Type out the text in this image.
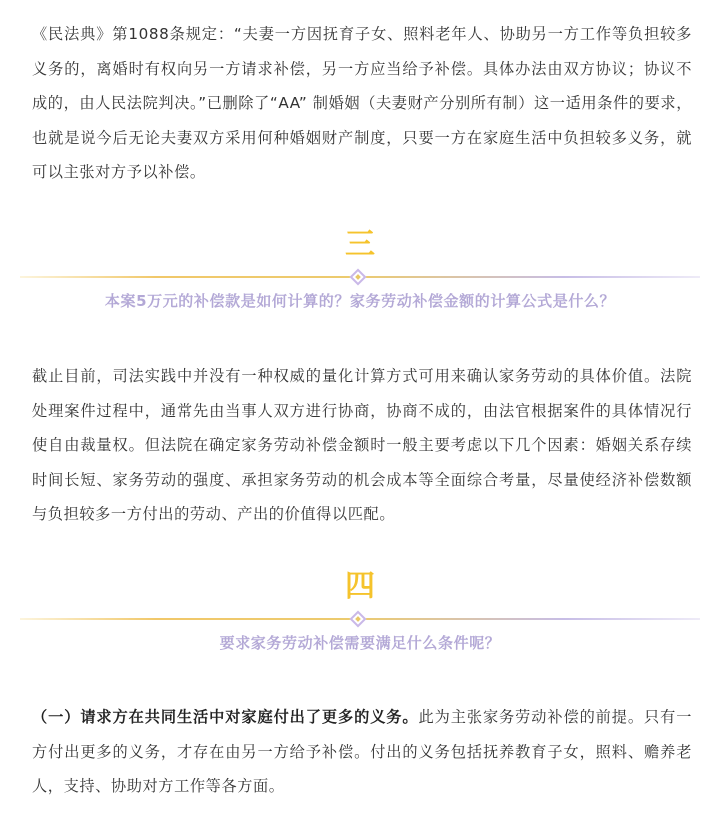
《民法典》第1088条规定：“夫妻一方因抚育子女、照料老年人、协助另一方工作等负担较多义务的，离婚时有权向另一方请求补偿，另一方应当给予补偿。具体办法由双方协议；协议不成的，由人民法院判决。”已删除了“AA” 制婚姻（夫妻财产分别所有制）这一适用条件的要求，也就是说今后无论夫妻双方采用何种婚姻财产制度，只要一方在家庭生活中负担较多义务，就可以主张对方予以补偿。

三
本案5万元的补偿款是如何计算的？家务劳动补偿金额的计算公式是什么？

截止目前，司法实践中并没有一种权威的量化计算方式可用来确认家务劳动的具体价值。法院处理案件过程中，通常先由当事人双方进行协商，协商不成的，由法官根据案件的具体情况行使自由裁量权。但法院在确定家务劳动补偿金额时一般主要考虑以下几个因素：婚姻关系存续时间长短、家务劳动的强度、承担家务劳动的机会成本等全面综合考量，尽量使经济补偿数额与负担较多一方付出的劳动、产出的价值得以匹配。

四
要求家务劳动补偿需要满足什么条件呢？

（一）请求方在共同生活中对家庭付出了更多的义务。此为主张家务劳动补偿的前提。只有一方付出更多的义务，才存在由另一方给予补偿。付出的义务包括抚养教育子女，照料、赡养老人，支持、协助对方工作等各方面。
